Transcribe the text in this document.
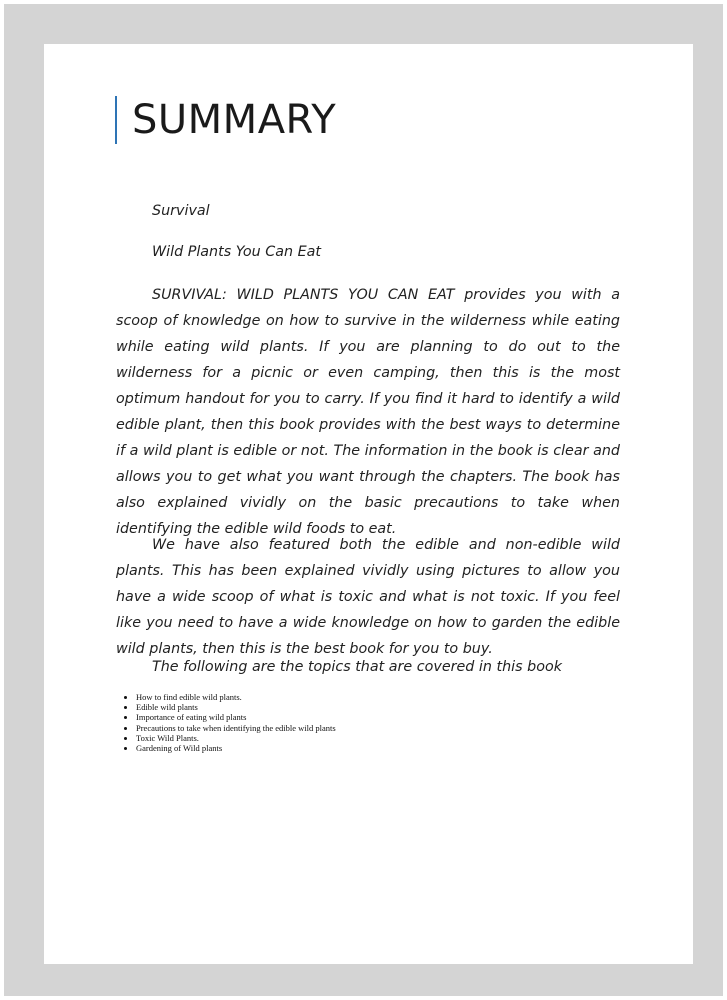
SUMMARY

Survival

Wild Plants You Can Eat

SURVIVAL: WILD PLANTS YOU CAN EAT provides you with a scoop of knowledge on how to survive in the wilderness while eating while eating wild plants. If you are planning to do out to the wilderness for a picnic or even camping, then this is the most optimum handout for you to carry. If you find it hard to identify a wild edible plant, then this book provides with the best ways to determine if a wild plant is edible or not. The information in the book is clear and allows you to get what you want through the chapters. The book has also explained vividly on the basic precautions to take when identifying the edible wild foods to eat.

We have also featured both the edible and non-edible wild plants. This has been explained vividly using pictures to allow you have a wide scoop of what is toxic and what is not toxic. If you feel like you need to have a wide knowledge on how to garden the edible wild plants, then this is the best book for you to buy.

The following are the topics that are covered in this book

• How to find edible wild plants.
• Edible wild plants
• Importance of eating wild plants
• Precautions to take when identifying the edible wild plants
• Toxic Wild Plants.
• Gardening of Wild plants
